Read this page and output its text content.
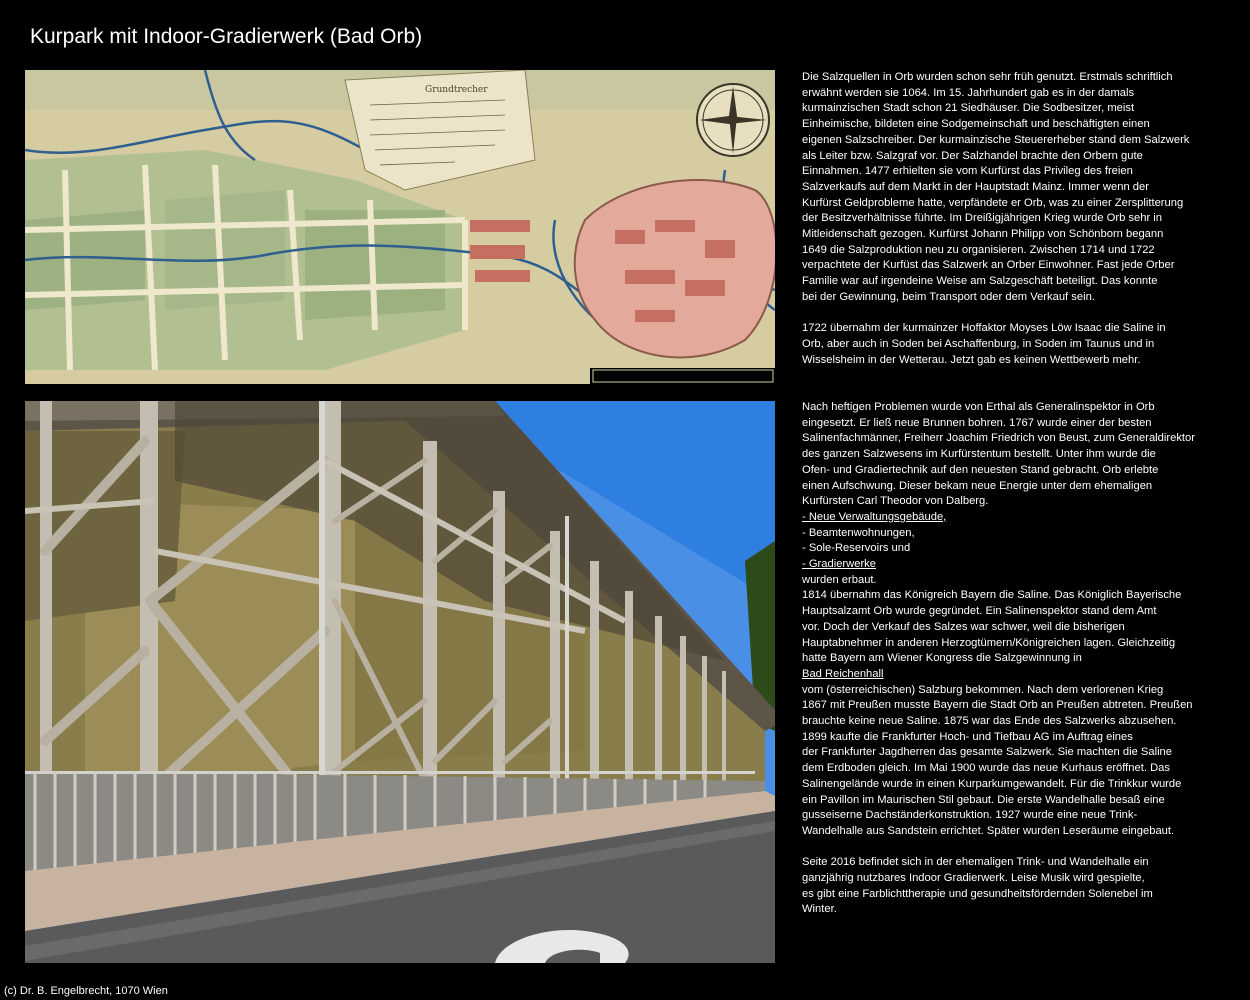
Kurpark mit Indoor-Gradierwerk (Bad Orb)
Grundtrecher

Die Salzquellen in Orb wurden schon sehr früh genutzt. Erstmals schriftlich
erwähnt werden sie 1064. Im 15. Jahrhundert gab es in der damals
kurmainzischen Stadt schon 21 Siedhäuser. Die Sodbesitzer, meist
Einheimische, bildeten eine Sodgemeinschaft und beschäftigten einen
eigenen Salzschreiber. Der kurmainzische Steuererheber stand dem Salzwerk
als Leiter bzw. Salzgraf vor. Der Salzhandel brachte den Orbern gute
Einnahmen. 1477 erhielten sie vom Kurfürst das Privileg des freien
Salzverkaufs auf dem Markt in der Hauptstadt Mainz. Immer wenn der
Kurfürst Geldprobleme hatte, verpfändete er Orb, was zu einer Zersplitterung
der Besitzverhältnisse führte. Im Dreißigjährigen Krieg wurde Orb sehr in
Mitleidenschaft gezogen. Kurfürst Johann Philipp von Schönborn begann
1649 die Salzproduktion neu zu organisieren. Zwischen 1714 und 1722
verpachtete der Kurfüst das Salzwerk an Orber Einwohner. Fast jede Orber
Familie war auf irgendeine Weise am Salzgeschäft beteiligt. Das konnte
bei der Gewinnung, beim Transport oder dem Verkauf sein.

1722 übernahm der kurmainzer Hoffaktor Moyses Löw Isaac die Saline in
Orb, aber auch in Soden bei Aschaffenburg, in Soden im Taunus und in
Wisselsheim in der Wetterau. Jetzt gab es keinen Wettbewerb mehr.

Nach heftigen Problemen wurde von Erthal als Generalinspektor in Orb
eingesetzt. Er ließ neue Brunnen bohren. 1767 wurde einer der besten
Salinenfachmänner, Freiherr Joachim Friedrich von Beust, zum Generaldirektor
des ganzen Salzwesens im Kurfürstentum bestellt. Unter ihm wurde die
Ofen- und Gradiertechnik auf den neuesten Stand gebracht. Orb erlebte
einen Aufschwung. Dieser bekam neue Energie unter dem ehemaligen
Kurfürsten Carl Theodor von Dalberg.

- Neue Verwaltungsgebäude,
- Beamtenwohnungen,
- Sole-Reservoirs und
- Gradierwerke
wurden erbaut.

1814 übernahm das Königreich Bayern die Saline. Das Königlich Bayerische
Hauptsalzamt Orb wurde gegründet. Ein Salinenspektor stand dem Amt
vor. Doch der Verkauf des Salzes war schwer, weil die bisherigen
Hauptabnehmer in anderen Herzogtümern/Königreichen lagen. Gleichzeitig
hatte Bayern am Wiener Kongress die Salzgewinnung in

Bad Reichenhall

vom (österreichischen) Salzburg bekommen. Nach dem verlorenen Krieg
1867 mit Preußen musste Bayern die Stadt Orb an Preußen abtreten. Preußen
brauchte keine neue Saline. 1875 war das Ende des Salzwerks abzusehen.
1899 kaufte die Frankfurter Hoch- und Tiefbau AG im Auftrag eines
der Frankfurter Jagdherren das gesamte Salzwerk. Sie machten die Saline
dem Erdboden gleich. Im Mai 1900 wurde das neue Kurhaus eröffnet. Das
Salinengelände wurde in einen Kurparkumgewandelt. Für die Trinkkur wurde
ein Pavillon im Maurischen Stil gebaut. Die erste Wandelhalle besaß eine
gusseiserne Dachständerkonstruktion. 1927 wurde eine neue Trink-
Wandelhalle aus Sandstein errichtet. Später wurden Leseräume eingebaut.

Seite 2016 befindet sich in der ehemaligen Trink- und Wandelhalle ein
ganzjährig nutzbares Indoor Gradierwerk. Leise Musik wird gespielte,
es gibt eine Farblichttherapie und gesundheitsfördernden Solenebel im
Winter.

(c) Dr. B. Engelbrecht, 1070 Wien
